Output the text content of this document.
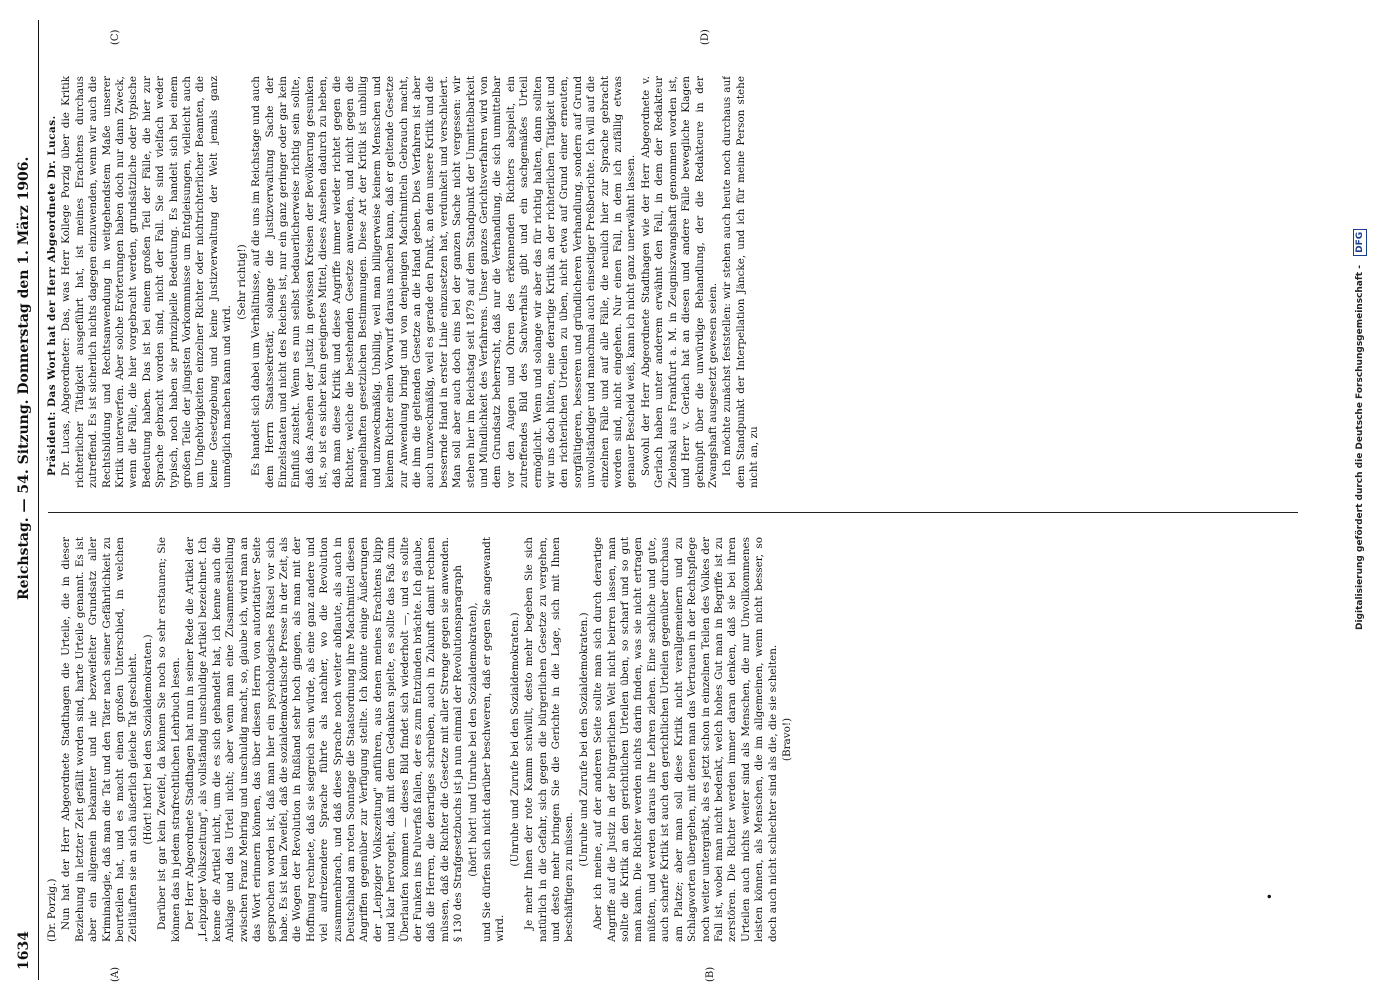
1634
Reichstag. — 54. Sitzung. Donnerstag den 1. März 1906.
(A)	(B)
(C)	(D)
•

(Dr. Porzig.) Nun hat der Herr Abgeordnete Stadthagen die Urteile, die in dieser Beziehung in letzter Zeit gefällt worden sind, harte Urteile genannt. Es ist aber ein allgemein bekannter und nie bezweifelter Grundsatz aller Kriminalogie, daß man die Tat und den Täter nach seiner Gefährlichkeit zu beurteilen hat, und es macht einen großen Unterschied, in welchen Zeitläuften sie an sich äußerlich gleiche Tat geschieht. (Hört! hört! bei den Sozialdemokraten.) Darüber ist gar kein Zweifel, da können Sie noch so sehr erstaunen; Sie können das in jedem strafrechtlichen Lehrbuch lesen. Der Herr Abgeordnete Stadthagen hat nun in seiner Rede die Artikel der „Leipziger Volkszeitung", als vollständig unschuldige Artikel bezeichnet. Ich kenne die Artikel nicht, um die es sich gehandelt hat, ich kenne auch die Anklage und das Urteil nicht; aber wenn man eine Zusammenstellung zwischen Franz Mehring und unschuldig macht, so, glaube ich, wird man an das Wort erinnern können, das über diesen Herrn von autoritativer Seite gesprochen worden ist, daß man hier ein psychologisches Rätsel vor sich habe. Es ist kein Zweifel, daß die sozialdemokratische Presse in der Zeit, als die Wogen der Revolution in Rußland sehr hoch gingen, als man mit der Hoffnung rechnete, daß sie siegreich sein würde, als eine ganz andere und viel aufreizendere Sprache führte als nachher, wo die Revolution zusammenbrach, und daß diese Sprache noch weiter abflaute, als auch in Deutschland am roten Sonntage die Staatsordnung ihre Machtmittel diesen Angriffen gegenüber zur Verfügung stellte. Ich könnte einige Äußerungen der „Leipziger Volkszeitung" anführen, aus denen meines Erachtens klipp und klar hervorgeht, daß mit dem Gedanken spielte, es sollte das Faß zum Überlaufen kommen — dieses Bild findet sich wiederholt —, und es sollte der Funken ins Pulverfaß fallen, der es zum Entzünden brächte. Ich glaube, daß die Herren, die derartiges schreiben, auch in Zukunft damit rechnen müssen, daß die Richter die Gesetze mit aller Strenge gegen sie anwenden. § 130 des Strafgesetzbuchs ist ja nun einmal der Revolutionsparagraph (hört! hört! und Unruhe bei den Sozialdemokraten), und Sie dürfen sich nicht darüber beschweren, daß er gegen Sie angewandt wird.

(Unruhe und Zurufe bei den Sozialdemokraten.) Je mehr Ihnen der rote Kamm schwillt, desto mehr begeben Sie sich natürlich in die Gefahr, sich gegen die bürgerlichen Gesetze zu vergehen, und desto mehr bringen Sie die Gerichte in die Lage, sich mit Ihnen beschäftigen zu müssen.

(Unruhe und Zurufe bei den Sozialdemokraten.) Aber ich meine, auf der anderen Seite sollte man sich durch derartige Angriffe auf die Justiz in der bürgerlichen Welt nicht beirren lassen, man sollte die Kritik an den gerichtlichen Urteilen üben, so scharf und so gut man kann. Die Richter werden nichts darin finden, was sie nicht ertragen müßten, und werden daraus ihre Lehren ziehen. Eine sachliche und gute, auch scharfe Kritik ist auch den gerichtlichen Urteilen gegenüber durchaus am Platze; aber man soll diese Kritik nicht verallgemeinern und zu Schlagworten übergehen, mit denen man das Vertrauen in der Rechtspflege noch weiter untergräbt, als es jetzt schon in einzelnen Teilen des Volkes der Fall ist, wobei man nicht bedenkt, welch hohes Gut man in Begriffe ist zu zerstören. Die Richter werden immer daran denken, daß sie bei ihren Urteilen auch nichts weiter sind als Menschen, die nur Unvollkommenes leisten können, als Menschen, die im allgemeinen, wenn nicht besser, so doch auch nicht schlechter sind als die, die sie schelten. (Bravo!)

Präsident: Das Wort hat der Herr Abgeordnete Dr. Lucas. Dr. Lucas, Abgeordneter: Das, was Herr Kollege Porzig über die Kritik richterlicher Tätigkeit ausgeführt hat, ist meines Erachtens durchaus zutreffend. Es ist sicherlich nichts dagegen einzuwenden, wenn wir auch die Rechtsbildung und Rechtsanwendung in weitgehendstem Maße unserer Kritik unterwerfen. Aber solche Erörterungen haben doch nur dann Zweck, wenn die Fälle, die hier vorgebracht werden, grundsätzliche oder typische Bedeutung haben. Das ist bei einem großen Teil der Fälle, die hier zur Sprache gebracht worden sind, nicht der Fall. Sie sind vielfach weder typisch, noch haben sie prinzipielle Bedeutung. Es handelt sich bei einem großen Teile der jüngsten Vorkommnisse um Entgleisungen, vielleicht auch um Ungehörigkeiten einzelner Richter oder nichtrichterlicher Beamten, die keine Gesetzgebung und keine Justizverwaltung der Welt jemals ganz unmöglich machen kann und wird.

(Sehr richtig!) Es handelt sich dabei um Verhältnisse, auf die uns im Reichstage und auch dem Herrn Staatssekretär, solange die Justizverwaltung Sache der Einzelstaaten und nicht des Reiches ist, nur ein ganz geringer oder gar kein Einfluß zusteht. Wenn es nun selbst bedauerlicherweise richtig sein sollte, daß das Ansehen der Justiz in gewissen Kreisen der Bevölkerung gesunken ist, so ist es sicher kein geeignetes Mittel, dieses Ansehen dadurch zu heben, daß man diese Kritik und diese Angriffe immer wieder richtet gegen die Richter, welche die bestehenden Gesetze anwenden, und nicht gegen die mangelhaften gesetzlichen Bestimmungen. Diese Art der Kritik ist unbillig und unzweckmäßig. Unbillig, weil man billigerweise keinem Menschen und keinem Richter einen Vorwurf daraus machen kann, daß er geltende Gesetze zur Anwendung bringt und von denjenigen Machtmitteln Gebrauch macht, die ihm die geltenden Gesetze an die Hand geben. Dies Verfahren ist aber auch unzweckmäßig, weil es gerade den Punkt, an dem unsere Kritik und die bessernde Hand in erster Linie einzusetzen hat, verdunkelt und verschleiert. Man soll aber auch doch eins bei der ganzen Sache nicht vergessen: wir stehen hier im Reichstag seit 1879 auf dem Standpunkt der Unmittelbarkeit und Mündlichkeit des Verfahrens. Unser ganzes Gerichtsverfahren wird von dem Grundsatz beherrscht, daß nur die Verhandlung, die sich unmittelbar vor den Augen und Ohren des erkennenden Richters abspielt, ein zutreffendes Bild des Sachverhalts gibt und ein sachgemäßes Urteil ermöglicht. Wenn und solange wir aber das für richtig halten, dann sollten wir uns doch hüten, eine derartige Kritik an der richterlichen Tätigkeit und den richterlichen Urteilen zu üben, nicht etwa auf Grund einer erneuten, sorgfältigeren, besseren und gründlicheren Verhandlung, sondern auf Grund unvollständiger und manchmal auch einseitiger Preßberichte. Ich will auf die einzelnen Fälle und auf alle Fälle, die neulich hier zur Sprache gebracht worden sind, nicht eingehen. Nur einen Fall, in dem ich zufällig etwas genauer Bescheid weiß, kann ich nicht ganz unerwähnt lassen. Sowohl der Herr Abgeordnete Stadthagen wie der Herr Abgeordnete v. Gerlach haben unter anderem erwähnt den Fall, in dem der Redakteur Zielonski aus Frankfurt a. M. in Zeugniszwangshaft genommen worden ist, und Herr v. Gerlach hat an diesen und andere Fälle bewegliche Klagen geknüpft über die unwürdige Behandlung, der die Redakteure in der Zwangshaft ausgesetzt gewesen seien. Ich möchte zunächst feststellen: wir stehen auch heute noch durchaus auf dem Standpunkt der Interpellation Jäncke, und ich für meine Person stehe nicht an, zu	Digitalisierung gefördert durch die Deutsche Forschungsgemeinschaft - DFG
